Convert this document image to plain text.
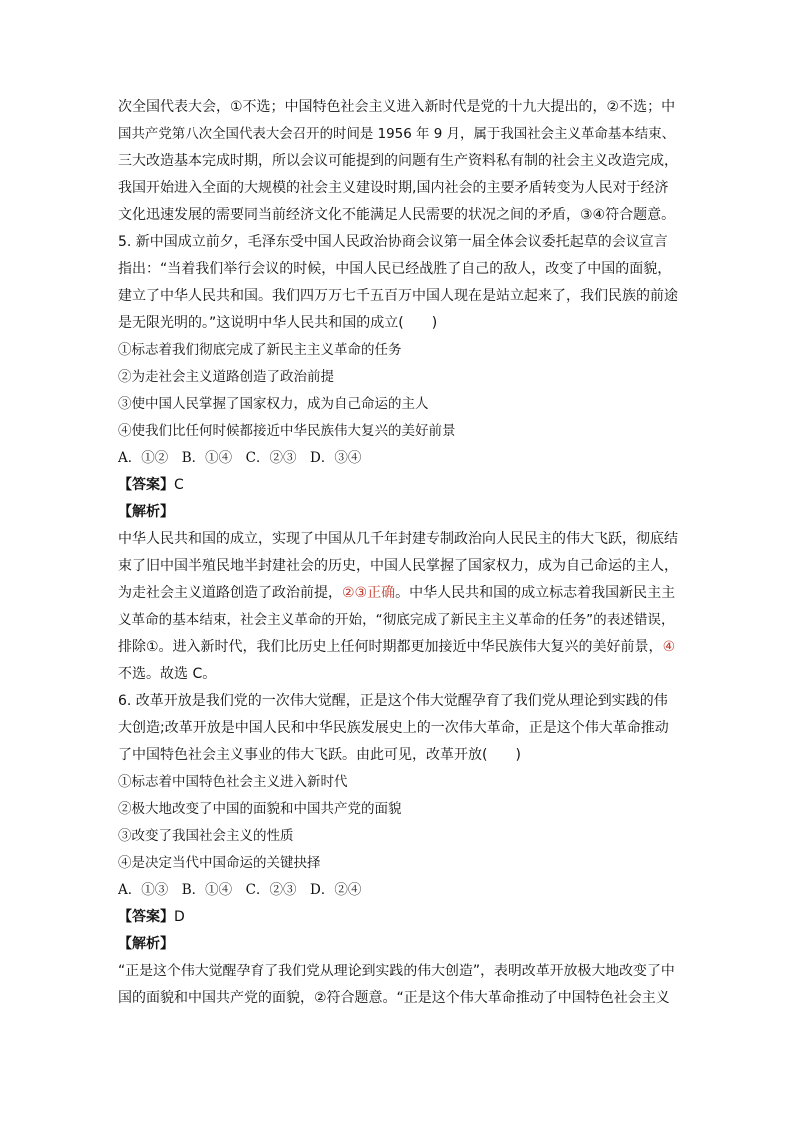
次全国代表大会，①不选；中国特色社会主义进入新时代是党的十九大提出的，②不选；中
国共产党第八次全国代表大会召开的时间是 1956 年 9 月，属于我国社会主义革命基本结束、
三大改造基本完成时期，所以会议可能提到的问题有生产资料私有制的社会主义改造完成，
我国开始进入全面的大规模的社会主义建设时期,国内社会的主要矛盾转变为人民对于经济
文化迅速发展的需要同当前经济文化不能满足人民需要的状况之间的矛盾，③④符合题意。
5. 新中国成立前夕，毛泽东受中国人民政治协商会议第一届全体会议委托起草的会议宣言
指出：“当着我们举行会议的时候，中国人民已经战胜了自己的敌人，改变了中国的面貌，
建立了中华人民共和国。我们四万万七千五百万中国人现在是站立起来了，我们民族的前途
是无限光明的。”这说明中华人民共和国的成立(　　)
①标志着我们彻底完成了新民主主义革命的任务
②为走社会主义道路创造了政治前提
③使中国人民掌握了国家权力，成为自己命运的主人
④使我们比任何时候都接近中华民族伟大复兴的美好前景
A．①②　B．①④　C．②③　D．③④
【答案】C
【解析】
中华人民共和国的成立，实现了中国从几千年封建专制政治向人民民主的伟大飞跃，彻底结
束了旧中国半殖民地半封建社会的历史，中国人民掌握了国家权力，成为自己命运的主人，
为走社会主义道路创造了政治前提，②③正确。中华人民共和国的成立标志着我国新民主主
义革命的基本结束，社会主义革命的开始，“彻底完成了新民主主义革命的任务”的表述错误，
排除①。进入新时代，我们比历史上任何时期都更加接近中华民族伟大复兴的美好前景，④
不选。故选 C。
6. 改革开放是我们党的一次伟大觉醒，正是这个伟大觉醒孕育了我们党从理论到实践的伟
大创造;改革开放是中国人民和中华民族发展史上的一次伟大革命，正是这个伟大革命推动
了中国特色社会主义事业的伟大飞跃。由此可见，改革开放(　　)
①标志着中国特色社会主义进入新时代
②极大地改变了中国的面貌和中国共产党的面貌
③改变了我国社会主义的性质
④是决定当代中国命运的关键抉择
A．①③　B．①④　C．②③　D．②④
【答案】D
【解析】
“正是这个伟大觉醒孕育了我们党从理论到实践的伟大创造”，表明改革开放极大地改变了中
国的面貌和中国共产党的面貌，②符合题意。“正是这个伟大革命推动了中国特色社会主义
